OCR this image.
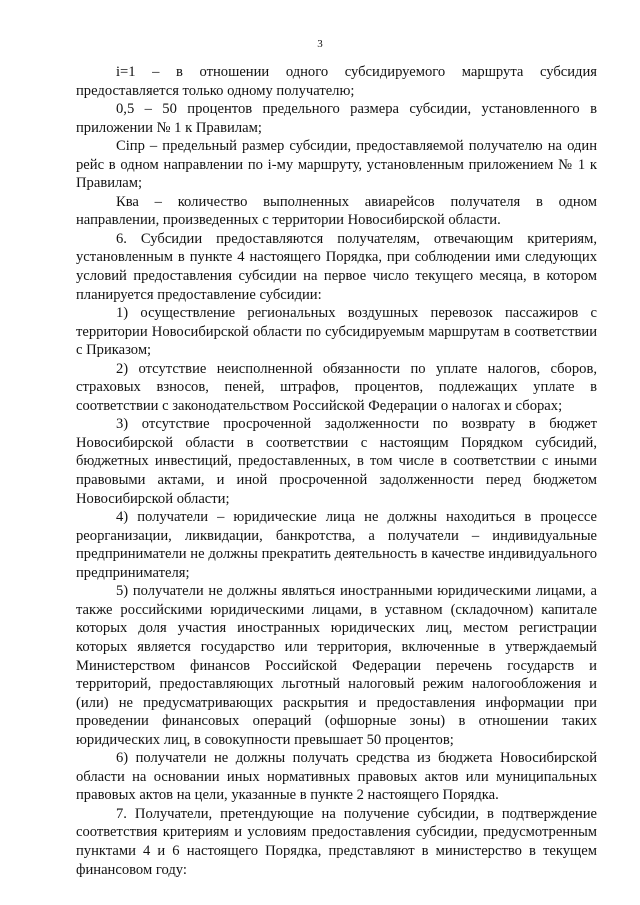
3

i=1 – в отношении одного субсидируемого маршрута субсидия предоставляется только одному получателю;

0,5 – 50 процентов предельного размера субсидии, установленного в приложении № 1 к Правилам;

Сiпр – предельный размер субсидии, предоставляемой получателю на один рейс в одном направлении по i-му маршруту, установленным приложением № 1 к Правилам;

Ква – количество выполненных авиарейсов получателя в одном направлении, произведенных с территории Новосибирской области.

6. Субсидии предоставляются получателям, отвечающим критериям, установленным в пункте 4 настоящего Порядка, при соблюдении ими следующих условий предоставления субсидии на первое число текущего месяца, в котором планируется предоставление субсидии:

1) осуществление региональных воздушных перевозок пассажиров с территории Новосибирской области по субсидируемым маршрутам в соответствии с Приказом;

2) отсутствие неисполненной обязанности по уплате налогов, сборов, страховых взносов, пеней, штрафов, процентов, подлежащих уплате в соответствии с законодательством Российской Федерации о налогах и сборах;

3) отсутствие просроченной задолженности по возврату в бюджет Новосибирской области в соответствии с настоящим Порядком субсидий, бюджетных инвестиций, предоставленных, в том числе в соответствии с иными правовыми актами, и иной просроченной задолженности перед бюджетом Новосибирской области;

4) получатели – юридические лица не должны находиться в процессе реорганизации, ликвидации, банкротства, а получатели – индивидуальные предприниматели не должны прекратить деятельность в качестве индивидуального предпринимателя;

5) получатели не должны являться иностранными юридическими лицами, а также российскими юридическими лицами, в уставном (складочном) капитале которых доля участия иностранных юридических лиц, местом регистрации которых является государство или территория, включенные в утверждаемый Министерством финансов Российской Федерации перечень государств и территорий, предоставляющих льготный налоговый режим налогообложения и (или) не предусматривающих раскрытия и предоставления информации при проведении финансовых операций (офшорные зоны) в отношении таких юридических лиц, в совокупности превышает 50 процентов;

6) получатели не должны получать средства из бюджета Новосибирской области на основании иных нормативных правовых актов или муниципальных правовых актов на цели, указанные в пункте 2 настоящего Порядка.

7. Получатели, претендующие на получение субсидии, в подтверждение соответствия критериям и условиям предоставления субсидии, предусмотренным пунктами 4 и 6 настоящего Порядка, представляют в министерство в текущем финансовом году:
